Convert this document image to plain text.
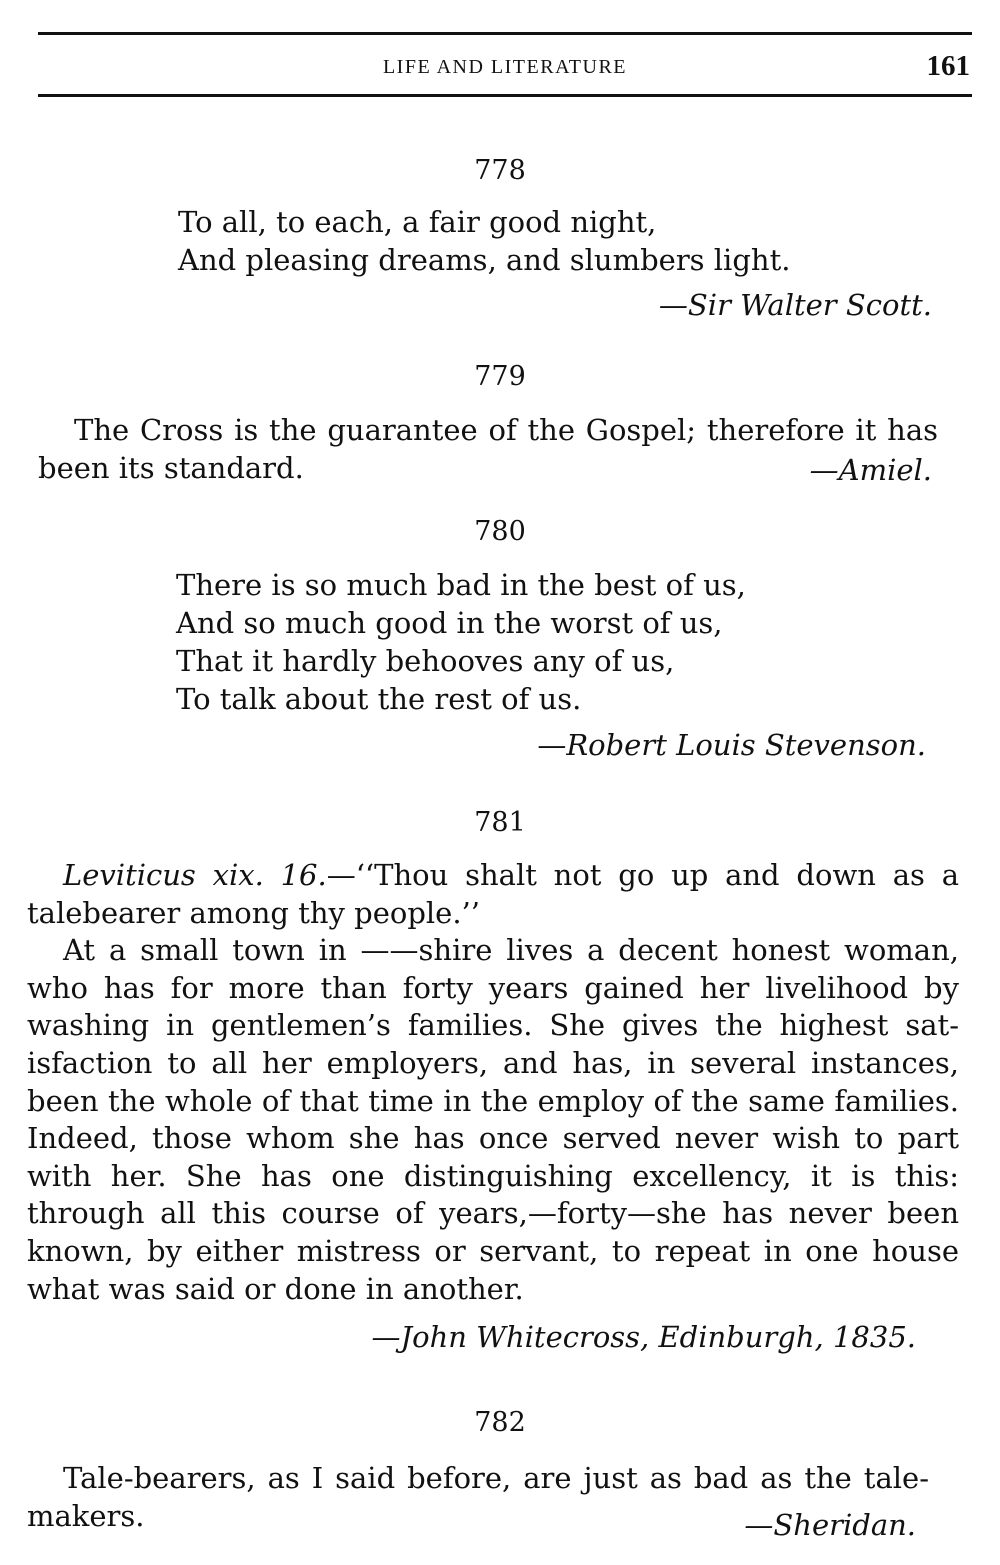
LIFE AND LITERATURE	161
778
To all, to each, a fair good night,
And pleasing dreams, and slumbers light.
—Sir Walter Scott.
779

The Cross is the guarantee of the Gospel; therefore it has been its standard.	—Amiel.
780
There is so much bad in the best of us,
And so much good in the worst of us,
That it hardly behooves any of us,
To talk about the rest of us.
—Robert Louis Stevenson.
781

Leviticus xix. 16.—‘‘Thou shalt not go up and down as a talebearer among thy people.’’

At a small town in ——shire lives a decent honest woman, who has for more than forty years gained her livelihood by washing in gentlemen’s families. She gives the highest satisfaction to all her employers, and has, in several instances, been the whole of that time in the employ of the same families. Indeed, those whom she has once served never wish to part with her. She has one distinguishing excellency, it is this: through all this course of years,—forty—she has never been known, by either mistress or servant, to repeat in one house what was said or done in another.

—John Whitecross, Edinburgh, 1835.
782

Tale-bearers, as I said before, are just as bad as the talemakers.	—Sheridan.
